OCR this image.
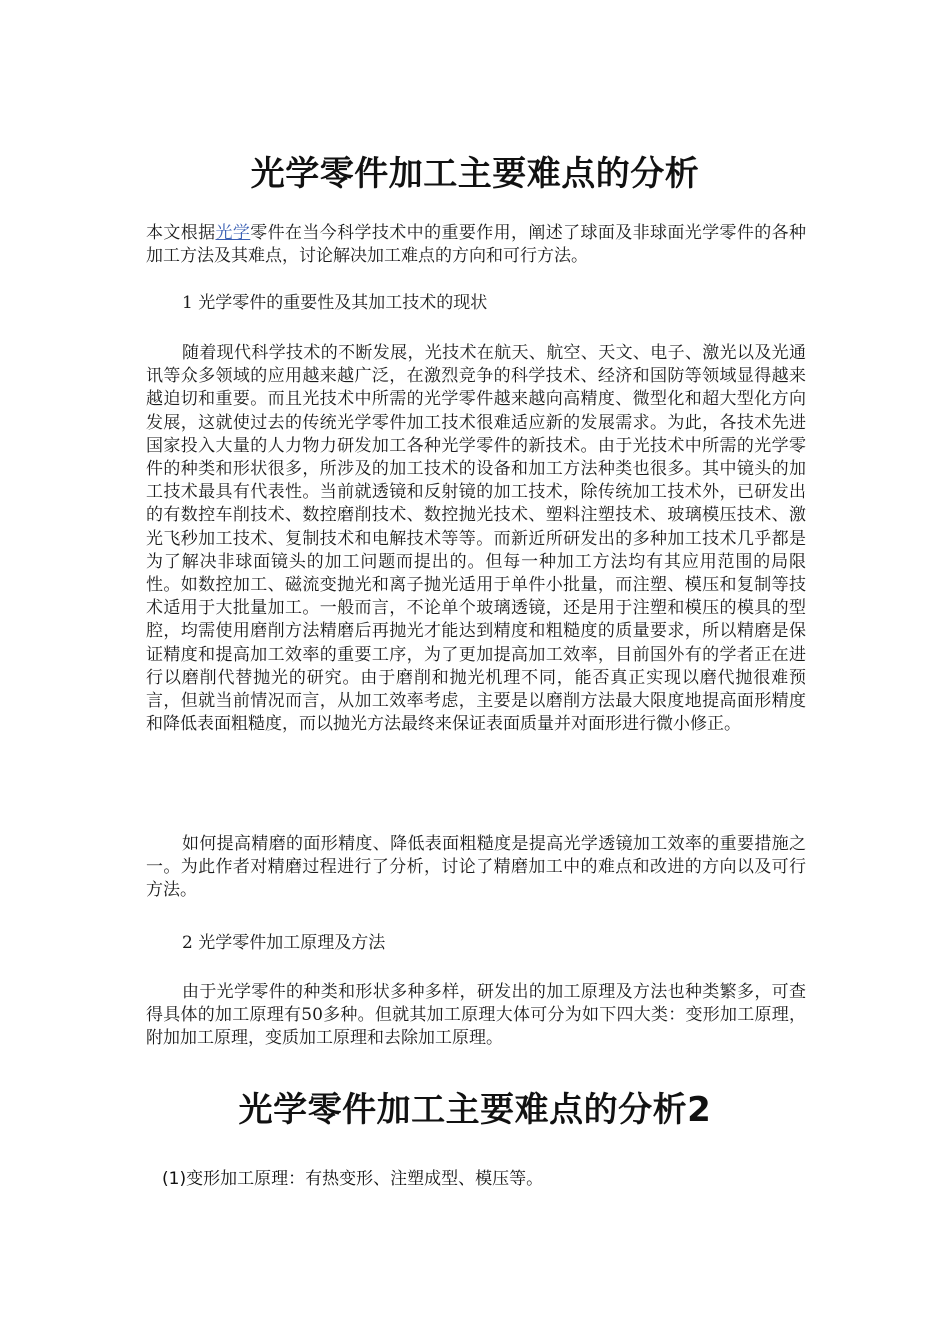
光学零件加工主要难点的分析

本文根据光学零件在当今科学技术中的重要作用，阐述了球面及非球面光学零件的各种加工方法及其难点，讨论解决加工难点的方向和可行方法。

1 光学零件的重要性及其加工技术的现状

随着现代科学技术的不断发展，光技术在航天、航空、天文、电子、激光以及光通讯等众多领域的应用越来越广泛，在激烈竞争的科学技术、经济和国防等领域显得越来越迫切和重要。而且光技术中所需的光学零件越来越向高精度、微型化和超大型化方向发展，这就使过去的传统光学零件加工技术很难适应新的发展需求。为此，各技术先进国家投入大量的人力物力研发加工各种光学零件的新技术。由于光技术中所需的光学零件的种类和形状很多，所涉及的加工技术的设备和加工方法种类也很多。其中镜头的加工技术最具有代表性。当前就透镜和反射镜的加工技术，除传统加工技术外，已研发出的有数控车削技术、数控磨削技术、数控抛光技术、塑料注塑技术、玻璃模压技术、激光飞秒加工技术、复制技术和电解技术等等。而新近所研发出的多种加工技术几乎都是为了解决非球面镜头的加工问题而提出的。但每一种加工方法均有其应用范围的局限性。如数控加工、磁流变抛光和离子抛光适用于单件小批量，而注塑、模压和复制等技术适用于大批量加工。一般而言，不论单个玻璃透镜，还是用于注塑和模压的模具的型腔，均需使用磨削方法精磨后再抛光才能达到精度和粗糙度的质量要求，所以精磨是保证精度和提高加工效率的重要工序，为了更加提高加工效率，目前国外有的学者正在进行以磨削代替抛光的研究。由于磨削和抛光机理不同，能否真正实现以磨代抛很难预言，但就当前情况而言，从加工效率考虑，主要是以磨削方法最大限度地提高面形精度和降低表面粗糙度，而以抛光方法最终来保证表面质量并对面形进行微小修正。

如何提高精磨的面形精度、降低表面粗糙度是提高光学透镜加工效率的重要措施之一。为此作者对精磨过程进行了分析，讨论了精磨加工中的难点和改进的方向以及可行方法。

2 光学零件加工原理及方法

由于光学零件的种类和形状多种多样，研发出的加工原理及方法也种类繁多，可查得具体的加工原理有50多种。但就其加工原理大体可分为如下四大类：变形加工原理，附加加工原理，变质加工原理和去除加工原理。

光学零件加工主要难点的分析2

(1)变形加工原理：有热变形、注塑成型、模压等。
